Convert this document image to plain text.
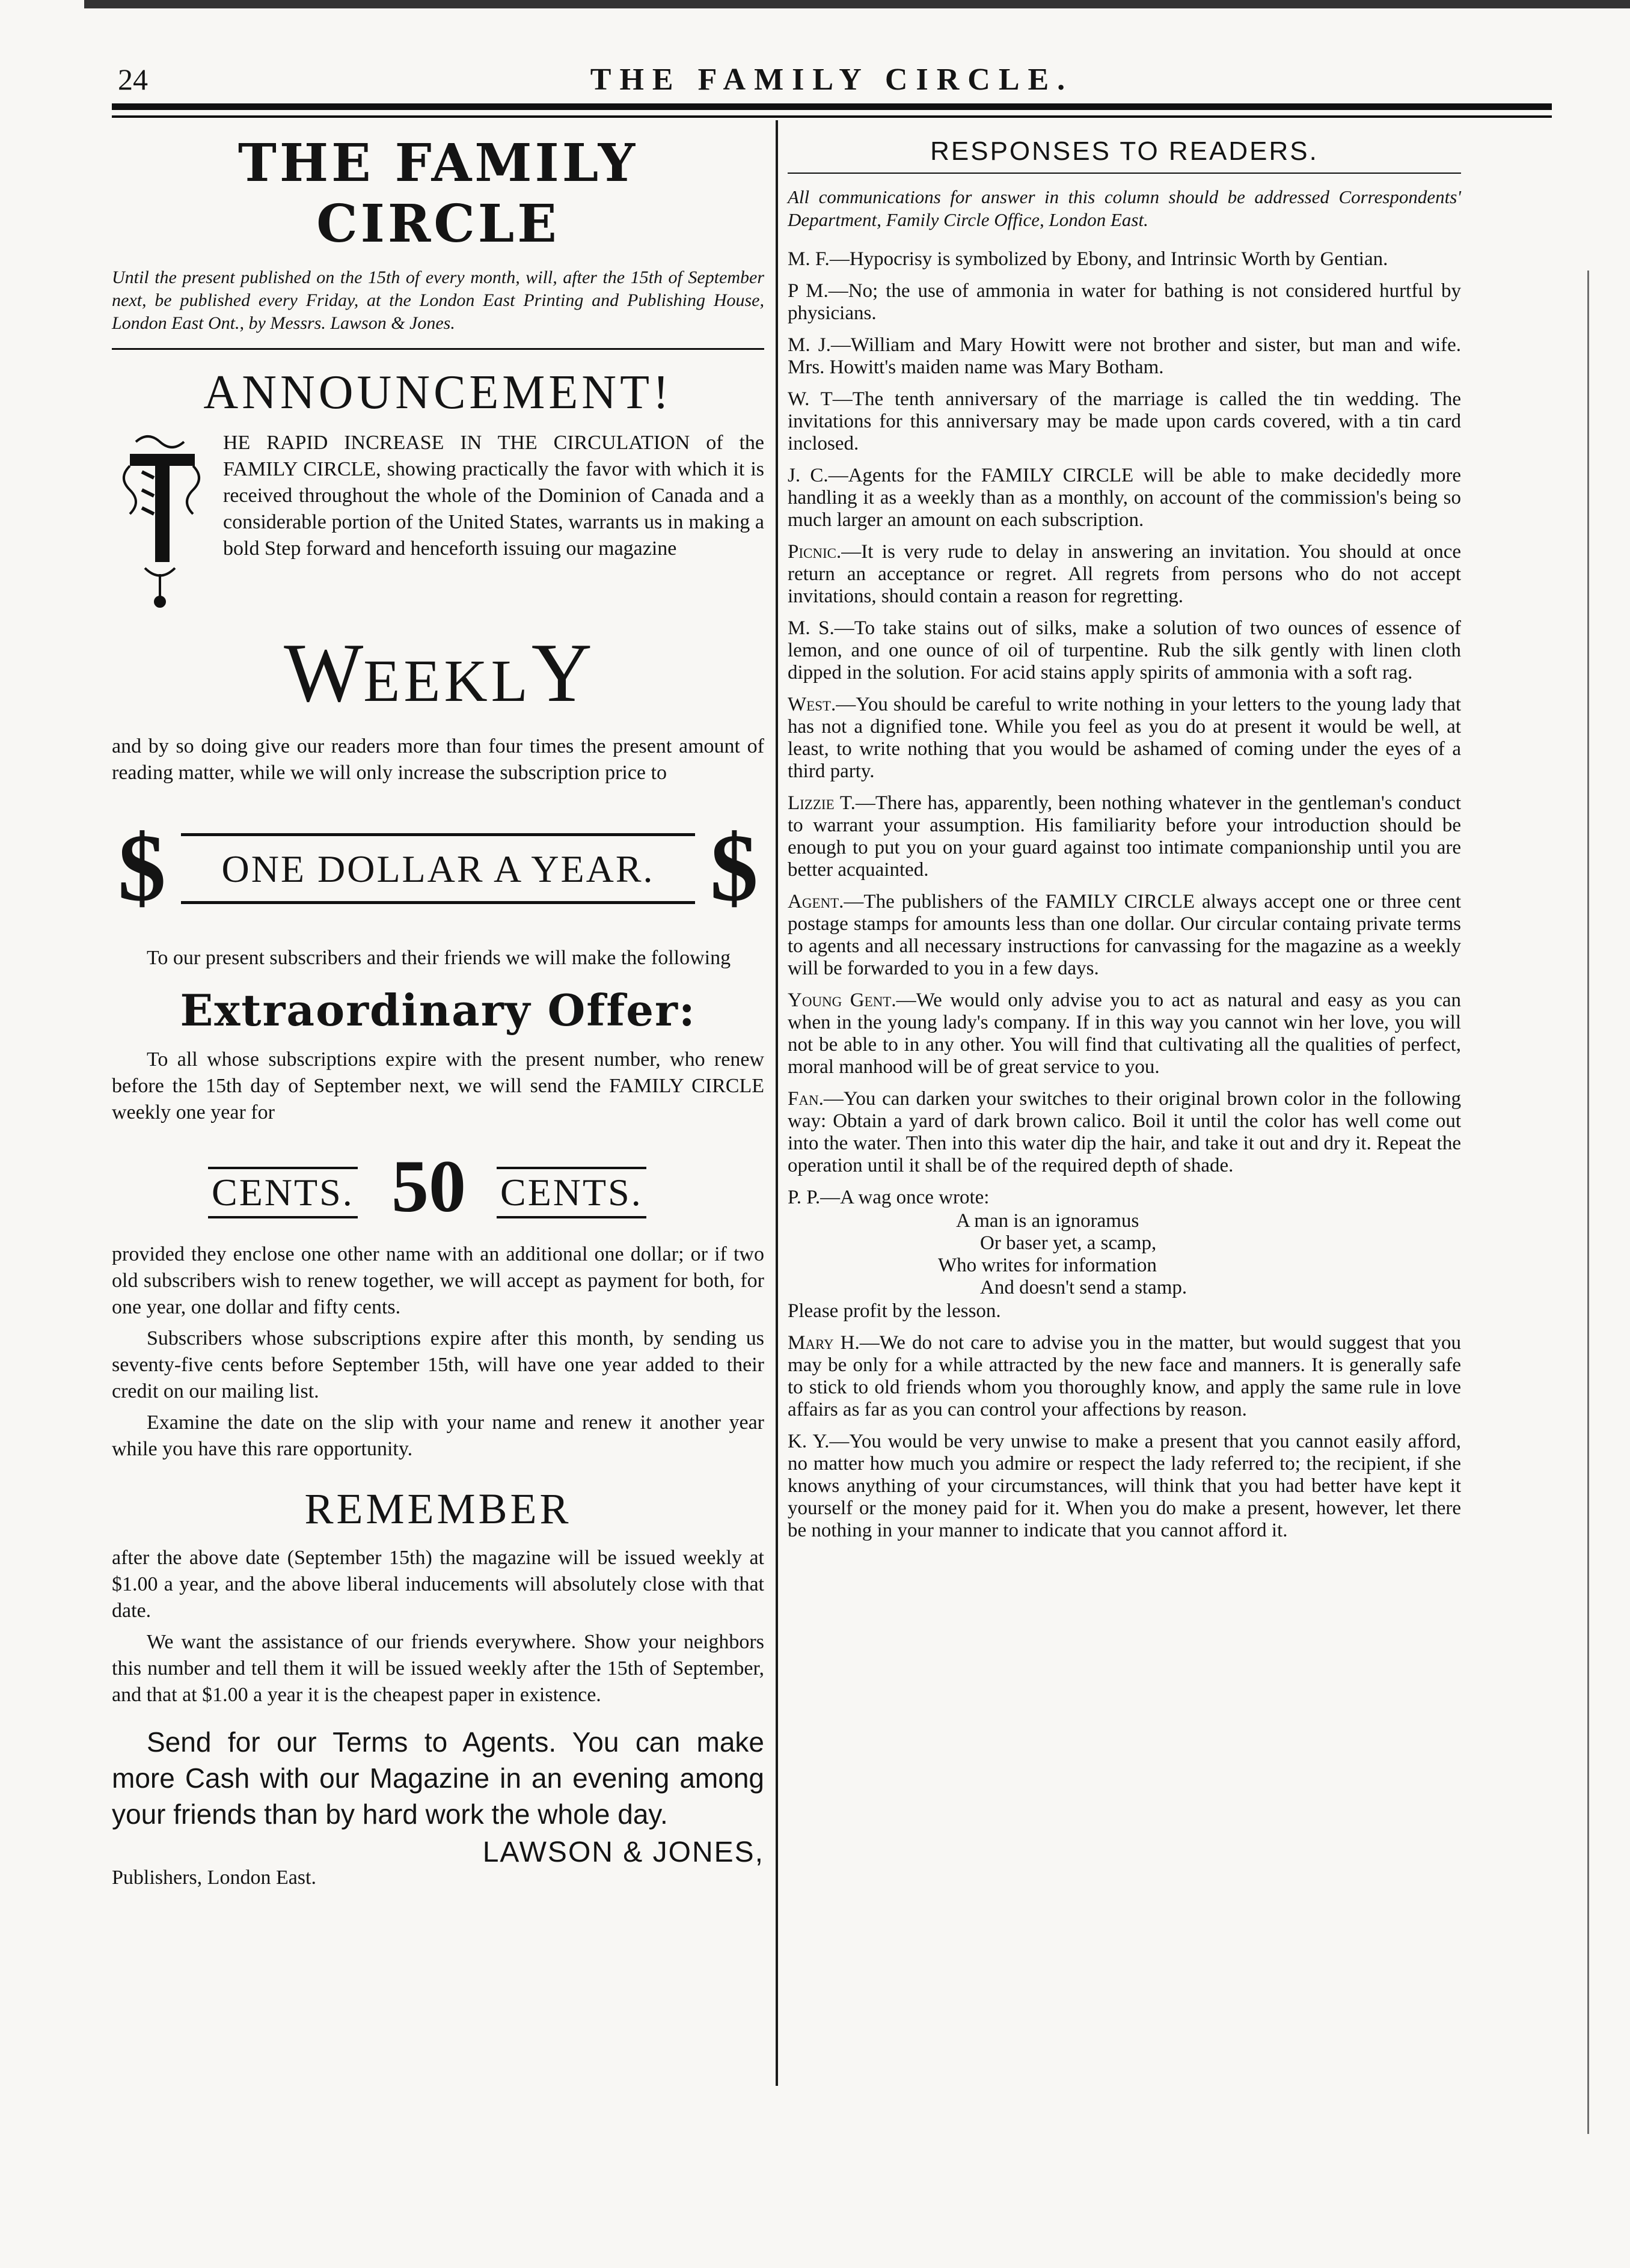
24	THE FAMILY CIRCLE.
THE FAMILY CIRCLE

Until the present published on the 15th of every month, will, after the 15th of September next, be published every Friday, at the London East Printing and Publishing House, London East Ont., by Messrs. Lawson & Jones.

ANNOUNCEMENT!

HE RAPID INCREASE IN THE CIRCULATION of the FAMILY CIRCLE, showing practically the favor with which it is received throughout the whole of the Dominion of Canada and a considerable portion of the United States, warrants us in making a bold Step forward and henceforth issuing our magazine

WEEKLY

and by so doing give our readers more than four times the present amount of reading matter, while we will only increase the subscription price to

$	ONE DOLLAR A YEAR. $

To our present subscribers and their friends we will make the following

Extraordinary Offer:

To all whose subscriptions expire with the present number, who renew before the 15th day of September next, we will send the FAMILY CIRCLE weekly one year for

CENTS. 50 CENTS.

provided they enclose one other name with an additional one dollar; or if two old subscribers wish to renew together, we will accept as payment for both, for one year, one dollar and fifty cents.

Subscribers whose subscriptions expire after this month, by sending us seventy-five cents before September 15th, will have one year added to their credit on our mailing list.

Examine the date on the slip with your name and renew it another year while you have this rare opportunity.

REMEMBER

after the above date (September 15th) the magazine will be issued weekly at $1.00 a year, and the above liberal inducements will absolutely close with that date.

We want the assistance of our friends everywhere. Show your neighbors this number and tell them it will be issued weekly after the 15th of September, and that at $1.00 a year it is the cheapest paper in existence.

Send for our Terms to Agents. You can make more Cash with our Magazine in an evening among your friends than by hard work the whole day.

LAWSON & JONES,
Publishers, London East.
RESPONSES TO READERS.

All communications for answer in this column should be addressed Correspondents' Department, Family Circle Office, London East.

M. F.—Hypocrisy is symbolized by Ebony, and Intrinsic Worth by Gentian.

P M.—No; the use of ammonia in water for bathing is not considered hurtful by physicians.

M. J.—William and Mary Howitt were not brother and sister, but man and wife. Mrs. Howitt's maiden name was Mary Botham.

W. T—The tenth anniversary of the marriage is called the tin wedding. The invitations for this anniversary may be made upon cards covered, with a tin card inclosed.

J. C.—Agents for the FAMILY CIRCLE will be able to make decidedly more handling it as a weekly than as a monthly, on account of the commission's being so much larger an amount on each subscription.

Picnic.—It is very rude to delay in answering an invitation. You should at once return an acceptance or regret. All regrets from persons who do not accept invitations, should contain a reason for regretting.

M. S.—To take stains out of silks, make a solution of two ounces of essence of lemon, and one ounce of oil of turpentine. Rub the silk gently with linen cloth dipped in the solution. For acid stains apply spirits of ammonia with a soft rag.

West.—You should be careful to write nothing in your letters to the young lady that has not a dignified tone. While you feel as you do at present it would be well, at least, to write nothing that you would be ashamed of coming under the eyes of a third party.

Lizzie T.—There has, apparently, been nothing whatever in the gentleman's conduct to warrant your assumption. His familiarity before your introduction should be enough to put you on your guard against too intimate companionship until you are better acquainted.

Agent.—The publishers of the FAMILY CIRCLE always accept one or three cent postage stamps for amounts less than one dollar. Our circular containg private terms to agents and all necessary instructions for canvassing for the magazine as a weekly will be forwarded to you in a few days.

Young Gent.—We would only advise you to act as natural and easy as you can when in the young lady's company. If in this way you cannot win her love, you will not be able to in any other. You will find that cultivating all the qualities of perfect, moral manhood will be of great service to you.

Fan.—You can darken your switches to their original brown color in the following way: Obtain a yard of dark brown calico. Boil it until the color has well come out into the water. Then into this water dip the hair, and take it out and dry it. Repeat the operation until it shall be of the required depth of shade.

P. P.—A wag once wrote:
A man is an ignoramus
Or baser yet, a scamp,
Who writes for information
And doesn't send a stamp.
Please profit by the lesson.

Mary H.—We do not care to advise you in the matter, but would suggest that you may be only for a while attracted by the new face and manners. It is generally safe to stick to old friends whom you thoroughly know, and apply the same rule in love affairs as far as you can control your affections by reason.

K. Y.—You would be very unwise to make a present that you cannot easily afford, no matter how much you admire or respect the lady referred to; the recipient, if she knows anything of your circumstances, will think that you had better have kept it yourself or the money paid for it. When you do make a present, however, let there be nothing in your manner to indicate that you cannot afford it.
